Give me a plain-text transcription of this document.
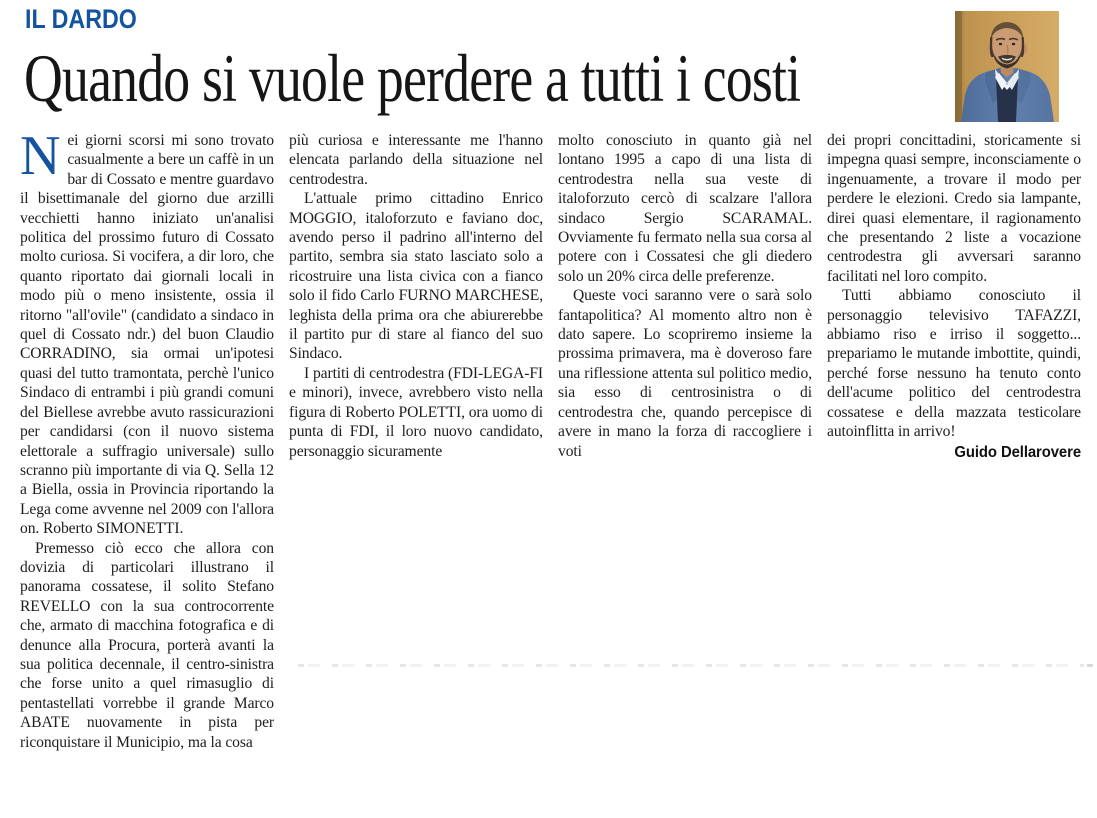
IL DARDO
Quando si vuole perdere a tutti i costi

Nei giorni scorsi mi sono trovato casualmente a bere un caffè in un bar di Cossato e mentre guardavo il bisettimanale del giorno due arzilli vecchietti hanno iniziato un'analisi politica del prossimo futuro di Cossato molto curiosa. Si vocifera, a dir loro, che quanto riportato dai giornali locali in modo più o meno insistente, ossia il ritorno "all'ovile" (candidato a sindaco in quel di Cossato ndr.) del buon Claudio CORRADINO, sia ormai un'ipotesi quasi del tutto tramontata, perchè l'unico Sindaco di entrambi i più grandi comuni del Biellese avrebbe avuto rassicurazioni per candidarsi (con il nuovo sistema elettorale a suffragio universale) sullo scranno più importante di via Q. Sella 12 a Biella, ossia in Provincia riportando la Lega come avvenne nel 2009 con l'allora on. Roberto SIMONETTI.

Premesso ciò ecco che allora con dovizia di particolari illustrano il panorama cossatese, il solito Stefano REVELLO con la sua controcorrente che, armato di macchina fotografica e di denunce alla Procura, porterà avanti la sua politica decennale, il centro-sinistra che forse unito a quel rimasuglio di pentastellati vorrebbe il grande Marco ABATE nuovamente in pista per riconquistare il Municipio, ma la cosa

più curiosa e interessante me l'hanno elencata parlando della situazione nel centrodestra.

L'attuale primo cittadino Enrico MOGGIO, italoforzuto e faviano doc, avendo perso il padrino all'interno del partito, sembra sia stato lasciato solo a ricostruire una lista civica con a fianco solo il fido Carlo FURNO MARCHESE, leghista della prima ora che abiurerebbe il partito pur di stare al fianco del suo Sindaco.

I partiti di centrodestra (FDI-LEGA-FI e minori), invece, avrebbero visto nella figura di Roberto POLETTI, ora uomo di punta di FDI, il loro nuovo candidato, personaggio sicuramente

molto conosciuto in quanto già nel lontano 1995 a capo di una lista di centrodestra nella sua veste di italoforzuto cercò di scalzare l'allora sindaco Sergio SCARAMAL. Ovviamente fu fermato nella sua corsa al potere con i Cossatesi che gli diedero solo un 20% circa delle preferenze.

Queste voci saranno vere o sarà solo fantapolitica? Al momento altro non è dato sapere. Lo scopriremo insieme la prossima primavera, ma è doveroso fare una riflessione attenta sul politico medio, sia esso di centrosinistra o di centrodestra che, quando percepisce di avere in mano la forza di raccogliere i voti

dei propri concittadini, storicamente si impegna quasi sempre, inconsciamente o ingenuamente, a trovare il modo per perdere le elezioni. Credo sia lampante, direi quasi elementare, il ragionamento che presentando 2 liste a vocazione centrodestra gli avversari saranno facilitati nel loro compito.

Tutti abbiamo conosciuto il personaggio televisivo TAFAZZI, abbiamo riso e irriso il soggetto... prepariamo le mutande imbottite, quindi, perché forse nessuno ha tenuto conto dell'acume politico del centrodestra cossatese e della mazzata testicolare autoinflitta in arrivo!

Guido Dellarovere
